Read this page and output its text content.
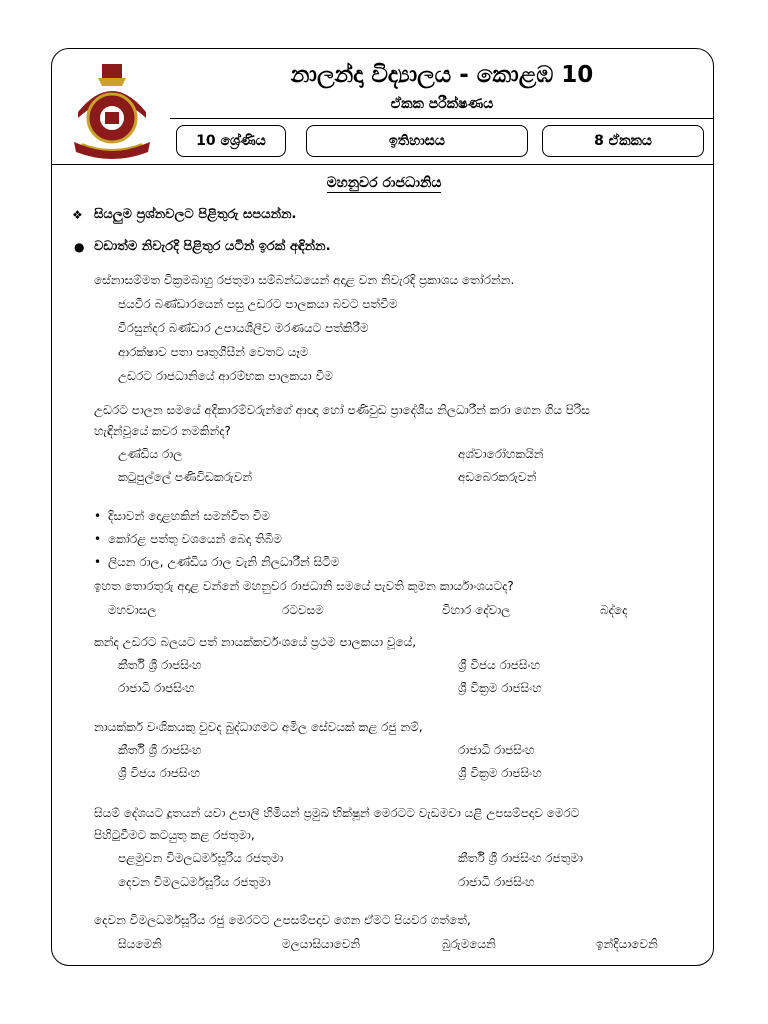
නාලන්දා විද්‍යාලය - කොළඹ 10
ඒකක පරීක්ෂණය
10 ශ්‍රේණිය	ඉතිහාසය	8 ඒකකය
මහනුවර රාජධානිය
❖ සියලුම ප්‍රශ්නවලට පිළිතුරු සපයන්න.
● වඩාත්ම නිවැරදි පිළිතුර යටින් ඉරක් අඳින්න.
සේනාසම්මත වික්‍රමබාහු රජතුමා සම්බන්ධයෙන් අදාළ වන නිවැරදි ප්‍රකාශය තෝරන්න.
ජයවීර බණ්ඩාරයෙන් පසු උඩරට පාලකයා බවට පත්වීම
වීරසුන්දර බණ්ඩාර උපායශීලීව මරණයට පත්කිරීම
ආරක්ෂාව පතා පෘතුගීසීන් වෙතට යෑම
උඩරට රාජධානියේ ආරම්භක පාලකයා වීම
උඩරට පාලන සමයේ අදිකාරම්වරුන්ගේ ආඥා හෝ පණිවුඩ ප්‍රාදේශීය නිලධාරීන් කරා ගෙන ගිය පිරිස
හැඳින්වූයේ කවර නමකින්ද?
උණ්ඩිය රාල	අශ්වාරෝහකයින්
කටුපුල්ලේ පණිවිඩකරුවන්	අඩබෙරකරුවන්
• දිසාවන් දොළහකින් සමන්විත වීම
• කෝරළ පත්තු වශයෙන් බෙදා තිබීම
• ලියන රාල, උණ්ඩිය රාල වැනි නිලධාරීන් සිටීම
ඉහත තොරතුරු අදාළ වන්නේ මහනුවර රාජධානි සමයේ පැවති කුමන කාර්යාංශයටද?
මහවාසල	රටවසම	විහාර දේවාල	බද්දෙ
කන්ද උඩරට බලයට පත් නායක්කර්වංශයේ ප්‍රථම පාලකයා වූයේ,
කීර්ති ශ්‍රී රාජසිංහ	ශ්‍රී විජය රාජසිංහ
රාජාධි රාජසිංහ	ශ්‍රී වික්‍රම රාජසිංහ
නායක්කර් වංශිකයකු වුවද බුද්ධාගමට අමිල සේවයක් කළ රජු නම්,
කීර්ති ශ්‍රී රාජසිංහ	රාජාධි රාජසිංහ
ශ්‍රී විජය රාජසිංහ	ශ්‍රී වික්‍රම රාජසිංහ
සියම් දේශයට දූතයන් යවා උපාලි හිමියන් ප්‍රමුඛ භික්ෂූන් මෙරටට වැඩමවා යළි උපසම්පදාව මෙරට
පිහිටුවීමට කටයුතු කළ රජතුමා,
පළමුවන විමලධර්මසූරිය රජතුමා	කීර්ති ශ්‍රී රාජසිංහ රජතුමා
දෙවන විමලධර්මසූරිය රජතුමා	රාජාධි රාජසිංහ
දෙවන විමලධර්මසූරිය රජු මෙරටට උපසම්පදාව ගෙන ඒමට පියවර ගත්තේ,
සියමෙනි	මලයාසියාවෙනි	බුරුමයෙනි	ඉන්දියාවෙනි
